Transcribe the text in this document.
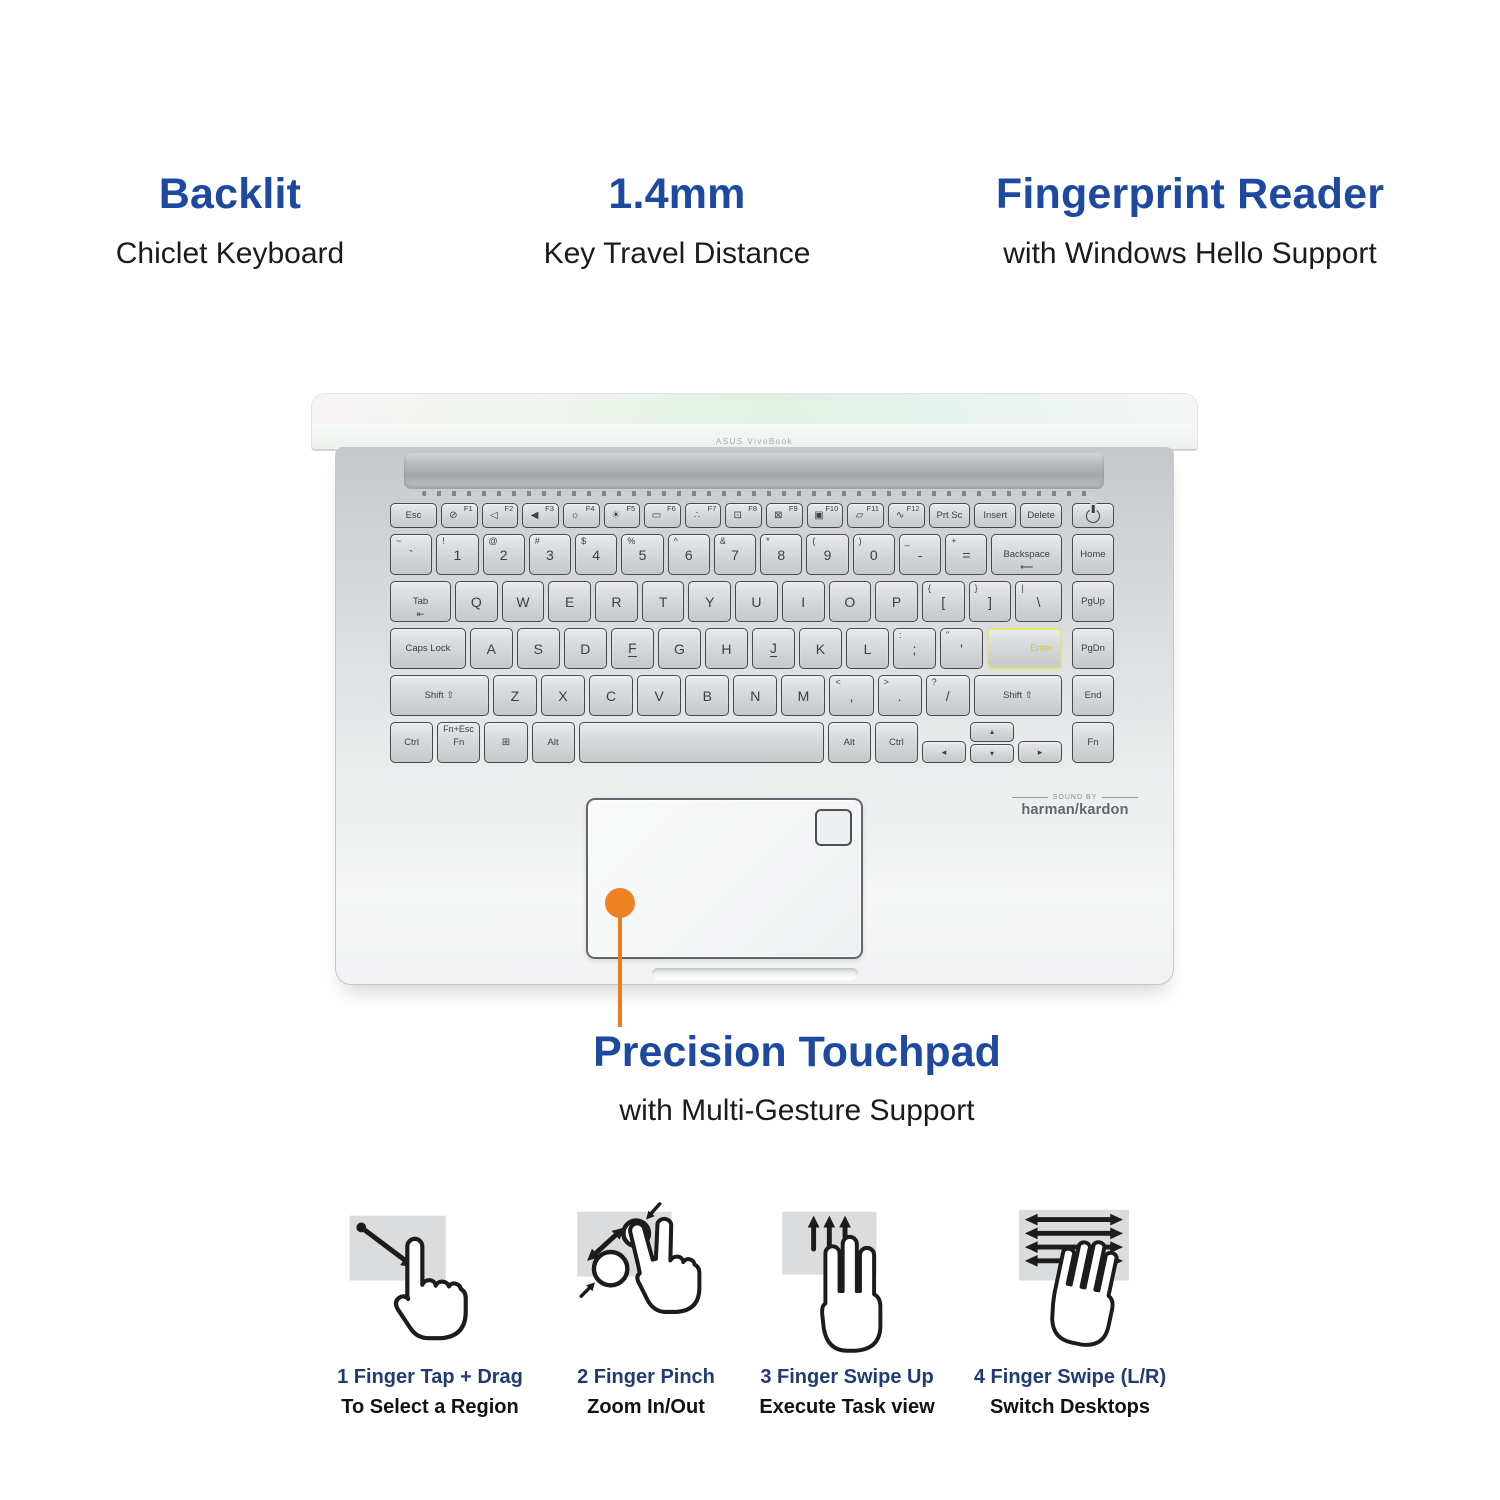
Backlit
Chiclet Keyboard
1.4mm
Key Travel Distance
Fingerprint Reader
with Windows Hello Support
ASUS VivoBook
Esc
F1
⊘
F2
◁
F3
◀
F4
☼
F5
☀
F6
▭
F7
∴
F8
⊡
F9
⊠
F10
▣
F11
▱
F12
∿	Prt Sc Insert Delete
~
`
!
1
@
2
#
3
$
4
%
5
^
6
&
7
*
8
(
9
)
0
_
-
+
=	Backspace
⟵
Home
Tab
⇤
Q W	E	R	T	Y	U	I	O	P
{
[
}
]
|
\	PgUp
Caps Lock	A	S	D	F	G	H	J	K	L
:
;
"
'	Enter	PgDn
Shift ⇧	Z	X	C	V	B	N	M
<
,
>
.
?
/	Shift ⇧	End
Ctrl
Fn+Esc
Fn	⊞	Alt	Alt	Ctrl
◂
▴
▾	▸
Fn
SOUND BY
harman/kardon
Precision Touchpad
with Multi-Gesture Support
1 Finger Tap + Drag
To Select a Region
2 Finger Pinch
Zoom In/Out
3 Finger Swipe Up
Execute Task view
4 Finger Swipe (L/R)
Switch Desktops
